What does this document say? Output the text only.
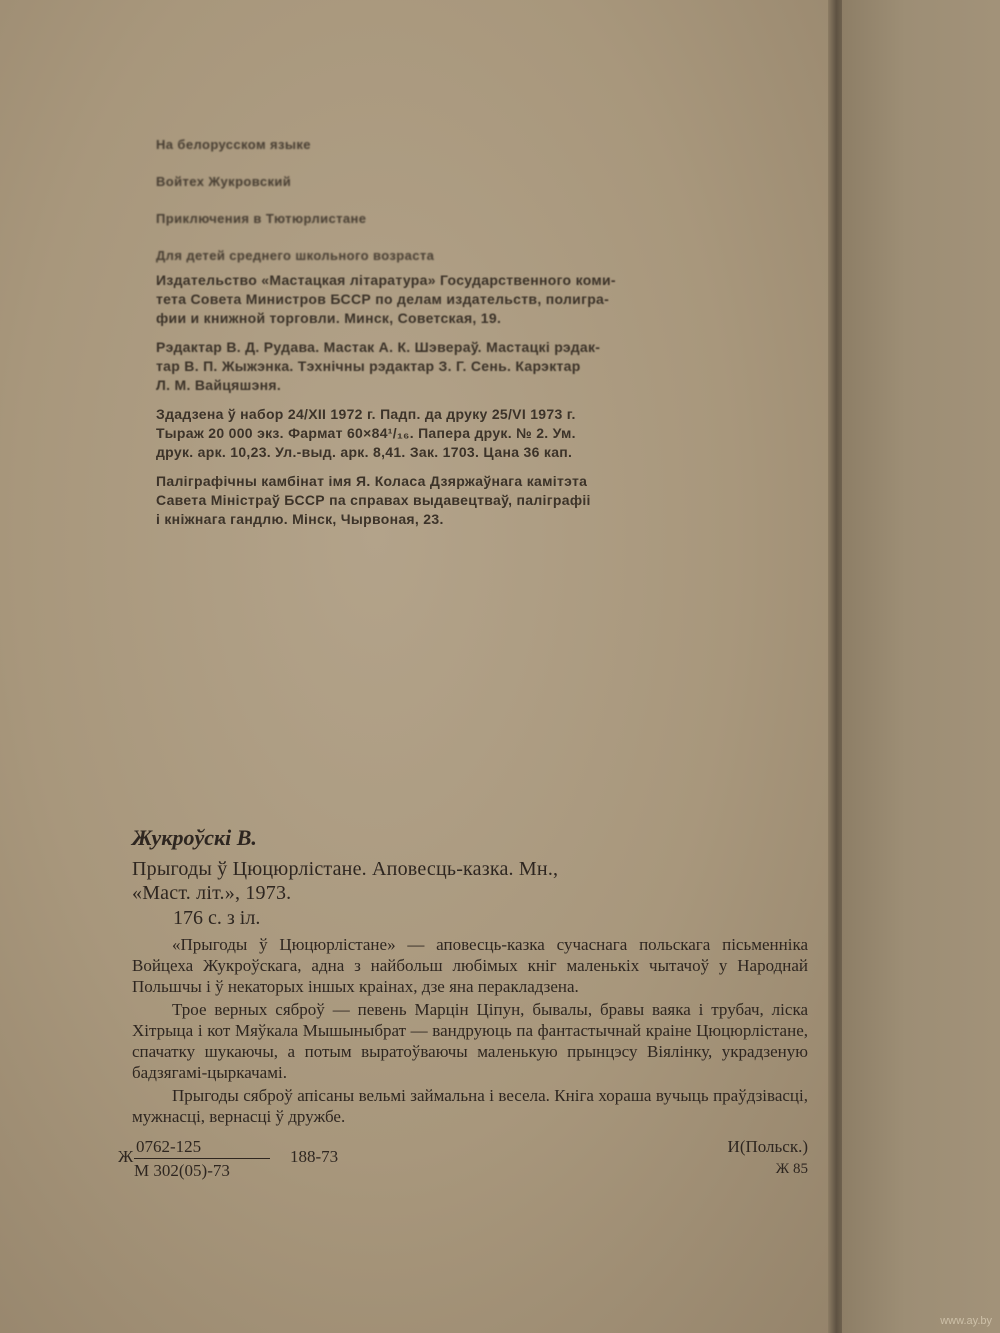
На белорусском языке
Войтех Жукровский
Приключения в Тютюрлистане
Для детей среднего школьного возраста
Издательство «Мастацкая літаратура» Государственного коми-
тета Совета Министров БССР по делам издательств, полигра-
фии и книжной торговли. Минск, Советская, 19.
Рэдактар В. Д. Рудава. Мастак А. К. Шэвераў. Мастацкі рэдак-
тар В. П. Жыжэнка. Тэхнічны рэдактар З. Г. Сень. Карэктар
Л. М. Вайцяшэня.
Здадзена ў набор 24/XII 1972 г. Падп. да друку 25/VI 1973 г.
Тыраж 20 000 экз. Фармат 60×84¹/₁₆. Папера друк. № 2. Ум.
друк. арк. 10,23. Ул.-выд. арк. 8,41. Зак. 1703. Цана 36 кап.
Паліграфічны камбінат імя Я. Коласа Дзяржаўнага камітэта
Савета Міністраў БССР па справах выдавецтваў, паліграфіі
і кніжнага гандлю. Мінск, Чырвоная, 23.
Жукроўскі В.
Прыгоды ў Цюцюрлістане. Аповесць-казка. Мн.,
«Маст. літ.», 1973.
176 с. з іл.

«Прыгоды ў Цюцюрлістане» — аповесць-казка сучаснага польскага пісьменніка Войцеха Жукроўскага, адна з найбольш любімых кніг маленькіх чытачоў у Народнай Польшчы і ў некаторых іншых краінах, дзе яна перакладзена.

Трое верных сяброў — певень Марцін Ціпун, бывалы, бравы ваяка і трубач, ліска Хітрыца і кот Мяўкала Мышыныбрат — вандруюць па фантастычнай краіне Цюцюрлістане, спачатку шукаючы, а потым выратоўваючы маленькую прынцэсу Віялінку, украдзеную бадзягамі-цыркачамі.

Прыгоды сяброў апісаны вельмі займальна і весела. Кніга хораша вучыць праўдзівасці, мужнасці, вернасці ў дружбе.

Ж
0762-125
М 302(05)-73
188-73
И(Польск.)
Ж 85
www.ay.by
